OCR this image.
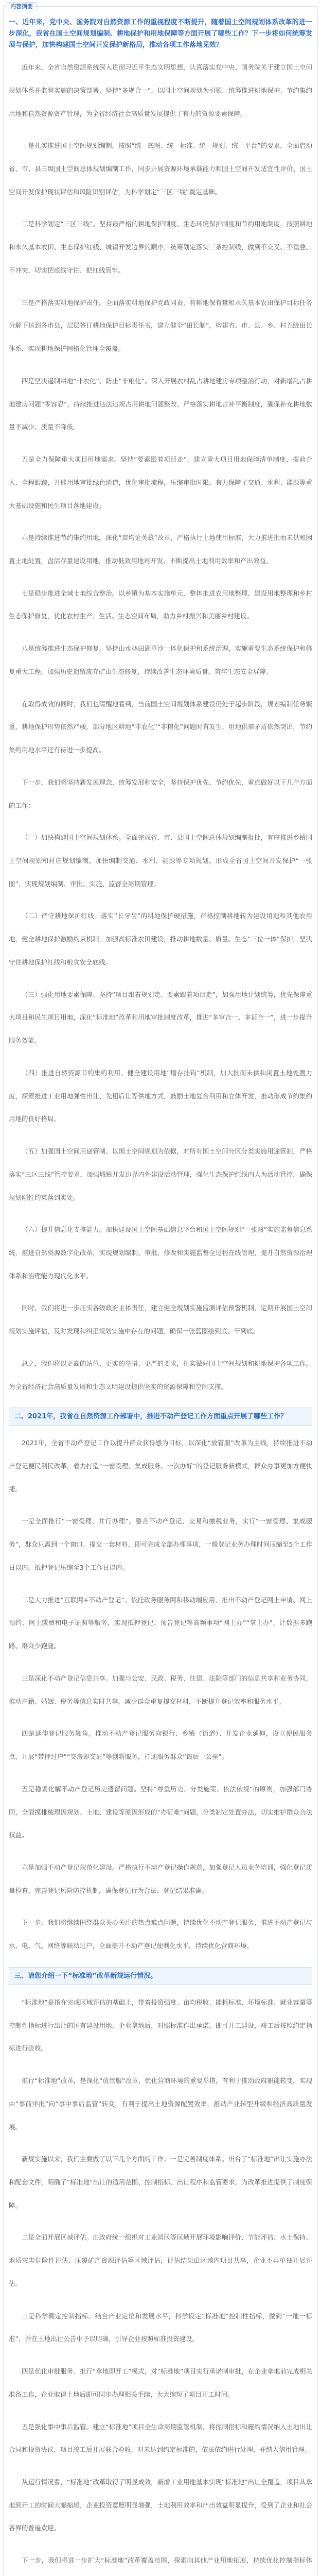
内容摘要
一、近年来，党中央、国务院对自然资源工作的重视程度不断提升，随着国土空间规划体系改革的进一步深化，我省在国土空间规划编制、耕地保护和用地保障等方面开展了哪些工作？下一步将如何统筹发展与保护，加快构建国土空间开发保护新格局，推动各项工作落地见效？

近年来，全省自然资源系统深入贯彻习近平生态文明思想，认真落实党中央、国务院关于建立国土空间规划体系并监督实施的决策部署，坚持“多规合一”，以国土空间规划为引领，统筹推进耕地保护、节约集约用地和自然资源资产管理，为全省经济社会高质量发展提供了有力的资源要素保障。

一是扎实推进国土空间规划编制。按照“统一底图、统一标准、统一规划、统一平台”的要求，全面启动省、市、县三级国土空间总体规划编制工作，同步开展资源环境承载能力和国土空间开发适宜性评价、国土空间开发保护现状评估和风险识别评估，为科学划定“三区三线”奠定基础。

二是科学划定“三区三线”。坚持最严格的耕地保护制度、生态环境保护制度和节约用地制度，按照耕地和永久基本农田、生态保护红线、城镇开发边界的顺序，统筹划定落实三条控制线，做到不交叉、不重叠、不冲突，切实把底线守住、把红线管牢。

三是严格落实耕地保护责任。全面落实耕地保护党政同责，将耕地保有量和永久基本农田保护目标任务分解下达到各市县，层层签订耕地保护目标责任书，建立健全“田长制”，构建省、市、县、乡、村五级田长体系，实现耕地保护网格化管理全覆盖。

四是坚决遏制耕地“非农化”、防止“非粮化”。深入开展农村乱占耕地建房专项整治行动，对新增乱占耕地建房问题“零容忍”，持续推进违法违规占用耕地问题整改。严格落实耕地占补平衡制度，确保补充耕地数量不减少、质量不降低。

五是全力保障重大项目用地需求。坚持“要素跟着项目走”，建立重大项目用地保障清单制度，提前介入、全程跟踪，开辟用地审批绿色通道，优化审批流程，压缩审批时限，有力保障了交通、水利、能源等重大基础设施和民生项目落地建设。

六是持续推进节约集约用地。深化“亩均论英雄”改革，严格执行土地使用标准，大力推进批而未供和闲置土地处置，盘活存量建设用地，推动低效用地再开发，不断提高土地利用效率和产出效益。

七是稳步推进全域土地综合整治。以乡镇为基本实施单元，整体推进农用地整理、建设用地整理和乡村生态保护修复，优化农村生产、生活、生态空间布局，助力乡村振兴和美丽乡村建设。

八是统筹推进生态保护修复。坚持山水林田湖草沙一体化保护和系统治理，实施重要生态系统保护和修复重大工程，加强历史遗留废弃矿山生态修复，持续改善生态环境质量，筑牢生态安全屏障。

在取得成效的同时，我们也清醒地看到，当前国土空间规划体系建设仍处于起步阶段，规划编制任务繁重，耕地保护形势依然严峻，部分地区耕地“非农化”“非粮化”问题时有发生，用地供需矛盾依然突出，节约集约用地水平还有待进一步提高。

下一步，我们将坚持新发展理念，统筹发展和安全，坚持保护优先、节约优先，重点做好以下几个方面的工作：

（一）加快构建国土空间规划体系。全面完成省、市、县国土空间总体规划编制报批，有序推进乡镇国土空间规划和村庄规划编制，加快编制交通、水利、能源等专项规划，形成全省国土空间开发保护“一张图”，实现规划编制、审批、实施、监督全周期管理。

（二）严守耕地保护红线。落实“长牙齿”的耕地保护硬措施，严格控制耕地转为建设用地和其他农用地，健全耕地保护激励约束机制，加强高标准农田建设，推动耕地数量、质量、生态“三位一体”保护，坚决守住耕地保护红线和粮食安全底线。

（三）强化用地要素保障。坚持“项目跟着规划走、要素跟着项目走”，加强用地计划统筹，优先保障重大项目和民生项目用地，深化“标准地”改革和用地审批制度改革，推进“多审合一、多证合一”，进一步提升服务效能。

（四）推进自然资源节约集约利用。健全建设用地“增存挂钩”机制，加大批而未供和闲置土地处置力度，探索推进工业用地弹性出让、先租后让等供地方式，鼓励土地复合利用和立体开发，推动形成节约集约用地的良好格局。

（五）加强国土空间用途管制。以国土空间规划为依据，对所有国土空间分区分类实施用途管制，严格落实“三区三线”管控要求，加强城镇开发边界内外建设活动管理，强化生态保护红线内人为活动管控，确保规划刚性约束落到实处。

（六）提升信息化支撑能力。加快建设国土空间基础信息平台和国土空间规划“一张图”实施监督信息系统，推进自然资源数字化改革，实现规划编制、审批、修改和实施监督全过程在线管理，提升自然资源治理体系和治理能力现代化水平。

同时，我们将进一步压实各级政府主体责任，建立健全规划实施监测评估预警机制，定期开展国土空间规划实施评估，及时发现和纠正规划实施中存在的问题，确保一张蓝图绘到底、干到底。

总之，我们将以更高的站位、更实的举措、更严的要求，扎实做好国土空间规划和耕地保护各项工作，为全省经济社会高质量发展和生态文明建设提供坚实的资源保障和空间支撑。

二、2021年，我省在自然资源工作部署中，推进不动产登记工作方面重点开展了哪些工作？

2021年，全省不动产登记工作以提升群众获得感为目标，以深化“放管服”改革为主线，持续推进不动产登记便民利民改革，着力打造“一窗受理、集成服务、一次办好”的登记服务新模式，群众办事更加方便快捷。

一是全面推行“一窗受理、并行办理”。整合不动产登记、交易和缴税业务，实行“一窗受理、集成服务”，群众只需到一个窗口、提交一套材料，即可完成全部办理事项，一般登记业务办理时间压缩至5个工作日以内，抵押登记压缩至3个工作日以内。

二是大力推进“互联网+不动产登记”。依托政务服务网和移动端应用，推出不动产登记网上申请、网上预约、网上缴费和电子证照等服务，实现抵押登记、预告登记等高频事项“网上办”“掌上办”，让数据多跑路、群众少跑腿。

三是深化不动产登记信息共享。加强与公安、民政、税务、住建、法院等部门的信息共享和业务协同，推动户籍、婚姻、税务等信息实时共享，减少群众重复提交材料，不断提升登记效率和服务水平。

四是延伸登记服务触角。推动不动产登记服务向银行、乡镇（街道）、开发企业延伸，设立便民服务点，开展“带押过户”“交房即交证”等创新服务，打通服务群众“最后一公里”。

五是稳妥化解不动产登记历史遗留问题。坚持“尊重历史、分类施策、依法依规”的原则，加强部门协同，全面摸排梳理因规划、土地、建设等原因形成的“办证难”问题，分类制定处置办法，切实维护群众合法权益。

六是加强不动产登记规范化建设。严格执行不动产登记操作规范，加强登记人员业务培训，强化登记质量检查，完善登记风险防控机制，确保登记行为合法、登记结果准确。

下一步，我们将继续围绕群众关心关注的热点难点问题，持续优化不动产登记服务，推进不动产登记与水、电、气、网络等联动过户，全面提升不动产登记便利化水平，持续优化营商环境。

三、请您介绍一下“标准地”改革新规运行情况。

“标准地”是指在完成区域评估的基础上，带着投资强度、亩均税收、能耗标准、环境标准、就业容量等控制性指标进行出让的国有建设用地。企业拿地后，对照标准作出承诺，即可开工建设，竣工后按照约定指标进行验收。

推行“标准地”改革，是深化“放管服”改革、优化营商环境的重要举措，有利于推动政府职能转变，实现由“事前审批”向“事中事后监管”转变，有利于提高土地资源配置效率，推动产业转型升级和经济高质量发展。

新规实施以来，我们主要做了以下几个方面的工作：一是完善制度体系。出台了“标准地”出让实施办法和配套文件，明确了“标准地”出让的适用范围、控制指标、出让程序和监管要求，为改革推进提供了制度保障。

二是全面开展区域评估。由政府统一组织对工业园区等区域开展环境影响评价、节能评估、水土保持、地质灾害危险性评估、压覆矿产资源评估等区域评估，评估结果由区域内项目共享，企业不再单独开展评估。

三是科学确定控制指标。结合产业定位和发展水平，科学设定“标准地”控制性指标，做到“一地一标准”，并在土地出让公告中予以明确，引导企业按照标准投资建设。

四是优化审批服务。推行“拿地即开工”模式，对“标准地”项目实行承诺制审批，在企业拿地前完成相关准备工作，企业取得土地后即可同步办理相关手续，大大缩短了项目开工时间。

五是强化事中事后监管。建立“标准地”项目全生命周期监管机制，将控制指标和履约情况纳入土地出让合同和投资协议，项目竣工后开展联合验收，对未达到约定标准的，依法依约进行处理，并纳入信用管理。

从运行情况看，“标准地”改革取得了明显成效，新增工业用地基本实现“标准地”出让全覆盖，项目从拿地到开工的时间大幅缩短，企业投资意愿明显增强，土地利用效率和产出效益明显提升，受到了企业和社会各界的普遍欢迎。

下一步，我们将进一步扩大“标准地”改革覆盖范围，探索向其他产业用地拓展，持续优化控制指标体
